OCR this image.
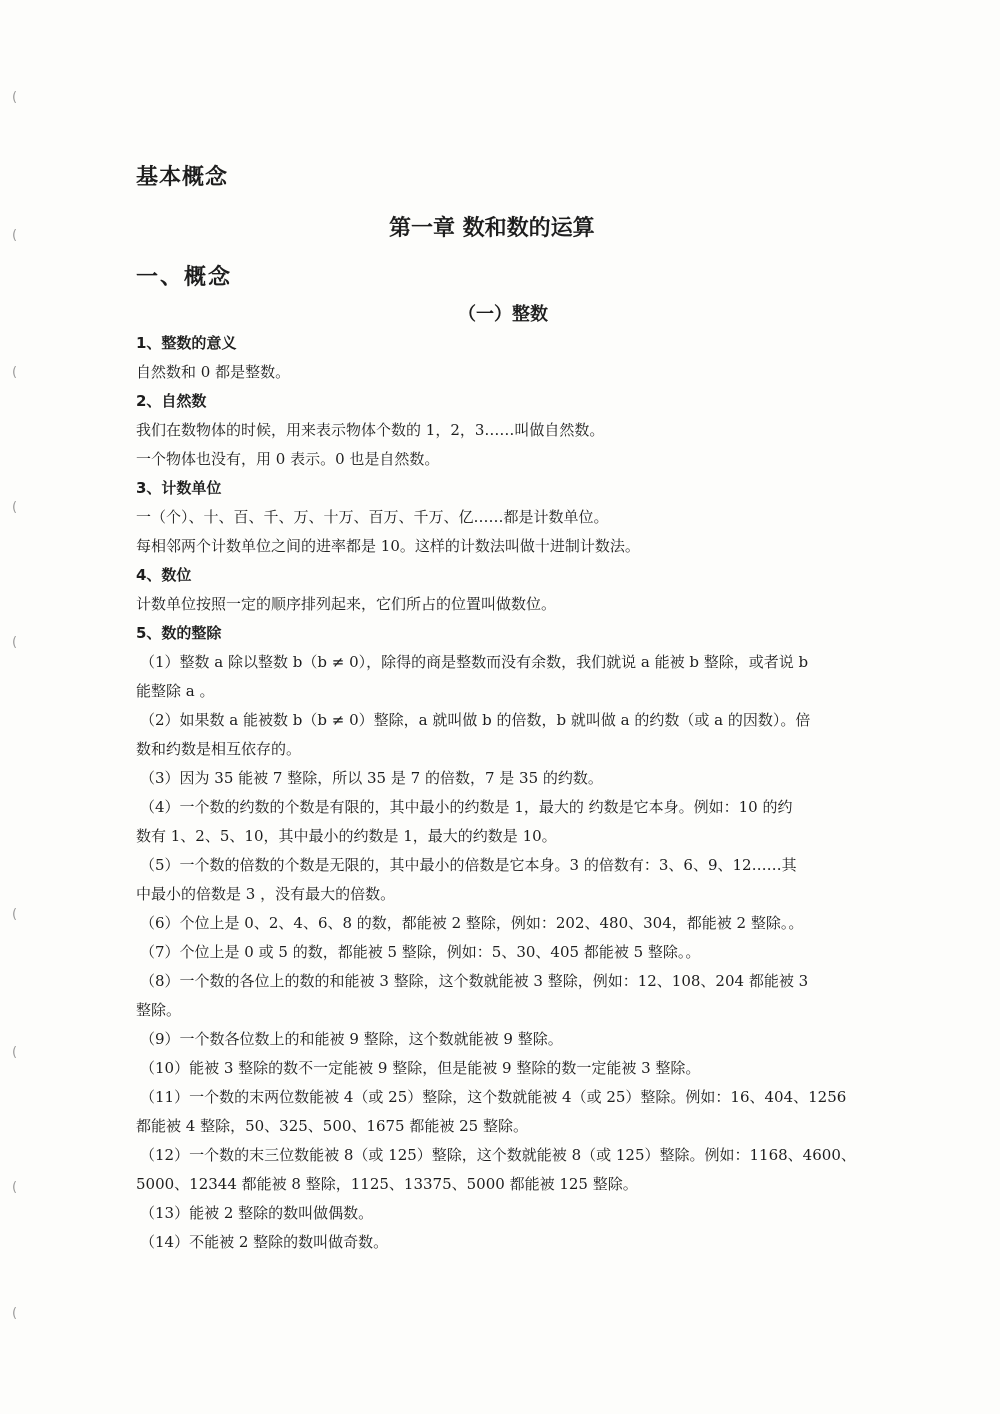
(
(
(
(
(
(
(
(
(
基本概念
第一章 数和数的运算
一、概念
（一）整数
1、整数的意义
自然数和 0 都是整数。
2、自然数
我们在数物体的时候，用来表示物体个数的 1，2，3……叫做自然数。
一个物体也没有，用 0 表示。0 也是自然数。
3、计数单位
一（个）、十、百、千、万、十万、百万、千万、亿……都是计数单位。
每相邻两个计数单位之间的进率都是 10。这样的计数法叫做十进制计数法。
4、数位
计数单位按照一定的顺序排列起来，它们所占的位置叫做数位。
5、数的整除
（1）整数 a 除以整数 b（b ≠ 0），除得的商是整数而没有余数，我们就说 a 能被 b 整除，或者说 b
能整除 a 。
（2）如果数 a 能被数 b（b ≠ 0）整除，a 就叫做 b 的倍数，b 就叫做 a 的约数（或 a 的因数）。倍
数和约数是相互依存的。
（3）因为 35 能被 7 整除，所以 35 是 7 的倍数，7 是 35 的约数。
（4）一个数的约数的个数是有限的，其中最小的约数是 1，最大的 约数是它本身。例如：10 的约
数有 1、2、5、10，其中最小的约数是 1，最大的约数是 10。
（5）一个数的倍数的个数是无限的，其中最小的倍数是它本身。3 的倍数有：3、6、9、12……其
中最小的倍数是 3 ，没有最大的倍数。
（6）个位上是 0、2、4、6、8 的数，都能被 2 整除，例如：202、480、304，都能被 2 整除。。
（7）个位上是 0 或 5 的数，都能被 5 整除，例如：5、30、405 都能被 5 整除。。
（8）一个数的各位上的数的和能被 3 整除，这个数就能被 3 整除，例如：12、108、204 都能被 3
整除。
（9）一个数各位数上的和能被 9 整除，这个数就能被 9 整除。
（10）能被 3 整除的数不一定能被 9 整除，但是能被 9 整除的数一定能被 3 整除。
（11）一个数的末两位数能被 4（或 25）整除，这个数就能被 4（或 25）整除。例如：16、404、1256
都能被 4 整除，50、325、500、1675 都能被 25 整除。
（12）一个数的末三位数能被 8（或 125）整除，这个数就能被 8（或 125）整除。例如：1168、4600、
5000、12344 都能被 8 整除，1125、13375、5000 都能被 125 整除。
（13）能被 2 整除的数叫做偶数。
（14）不能被 2 整除的数叫做奇数。
